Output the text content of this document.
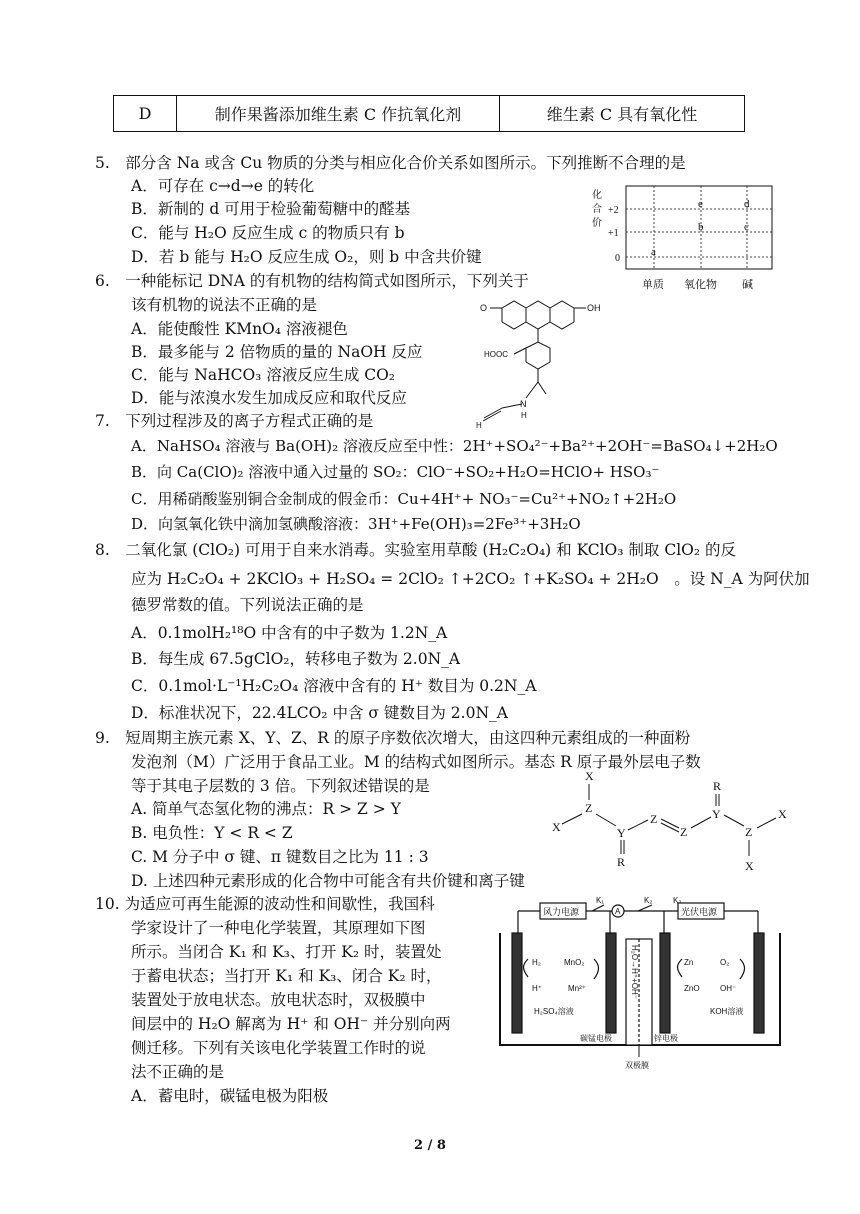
D	制作果酱添加维生素 C 作抗氧化剂	维生素 C 具有氧化性
5.　部分含 Na 或含 Cu 物质的分类与相应化合价关系如图所示。下列推断不合理的是
A．可存在 c→d→e 的转化
B．新制的 d 可用于检验葡萄糖中的醛基
C．能与 H₂O 反应生成 c 的物质只有 b
D．若 b 能与 H₂O 反应生成 O₂，则 b 中含共价键
6.　一种能标记 DNA 的有机物的结构简式如图所示，下列关于
该有机物的说法不正确的是
A．能使酸性 KMnO₄ 溶液褪色
B．最多能与 2 倍物质的量的 NaOH 反应
C．能与 NaHCO₃ 溶液反应生成 CO₂
D．能与浓溴水发生加成反应和取代反应
7.　下列过程涉及的离子方程式正确的是
A．NaHSO₄ 溶液与 Ba(OH)₂ 溶液反应至中性：2H⁺+SO₄²⁻+Ba²⁺+2OH⁻=BaSO₄↓+2H₂O
B．向 Ca(ClO)₂ 溶液中通入过量的 SO₂：ClO⁻+SO₂+H₂O=HClO+ HSO₃⁻
C．用稀硝酸鉴别铜合金制成的假金币：Cu+4H⁺+ NO₃⁻=Cu²⁺+NO₂↑+2H₂O
D．向氢氧化铁中滴加氢碘酸溶液：3H⁺+Fe(OH)₃=2Fe³⁺+3H₂O
8.　二氧化氯 (ClO₂) 可用于自来水消毒。实验室用草酸 (H₂C₂O₄) 和 KClO₃ 制取 ClO₂ 的反
应为 H₂C₂O₄ + 2KClO₃ + H₂SO₄ = 2ClO₂ ↑+2CO₂ ↑+K₂SO₄ + 2H₂O　。设 N_A 为阿伏加
德罗常数的值。下列说法正确的是
A．0.1molH₂¹⁸O 中含有的中子数为 1.2N_A
B．每生成 67.5gClO₂，转移电子数为 2.0N_A
C．0.1mol·L⁻¹H₂C₂O₄ 溶液中含有的 H⁺ 数目为 0.2N_A
D．标准状况下，22.4LCO₂ 中含 σ 键数目为 2.0N_A
9.　短周期主族元素 X、Y、Z、R 的原子序数依次增大，由这四种元素组成的一种面粉
发泡剂（M）广泛用于食品工业。M 的结构式如图所示。基态 R 原子最外层电子数
等于其电子层数的 3 倍。下列叙述错误的是
A. 简单气态氢化物的沸点：R > Z > Y
B. 电负性：Y < R < Z
C. M 分子中 σ 键、π 键数目之比为 11 : 3
D. 上述四种元素形成的化合物中可能含有共价键和离子键
10. 为适应可再生能源的波动性和间歇性，我国科
学家设计了一种电化学装置，其原理如下图
所示。当闭合 K₁ 和 K₃、打开 K₂ 时，装置处
于蓄电状态；当打开 K₁ 和 K₃、闭合 K₂ 时，
装置处于放电状态。放电状态时，双极膜中
间层中的 H₂O 解离为 H⁺ 和 OH⁻ 并分别向两
侧迁移。下列有关该电化学装置工作时的说
法不正确的是
A．蓄电时，碳锰电极为阳极
化
合
价
+2
+1
0
a
b	c
d
e
单质 氧化物 碱
O	OH
HOOC
N
H
H
X
Z
X	Y
R
Z
Z
Y
R
Z
X
X
风力电源	光伏电源
K₁
A
K₂	K₃
H₂O→H⁺+OH⁻
H₂	MnO₂
H⁺	Mn²⁺
H₂SO₄溶液
Zn	O₂
ZnO	OH⁻
KOH溶液
碳锰电极	锌电极
双极膜
2 / 8
